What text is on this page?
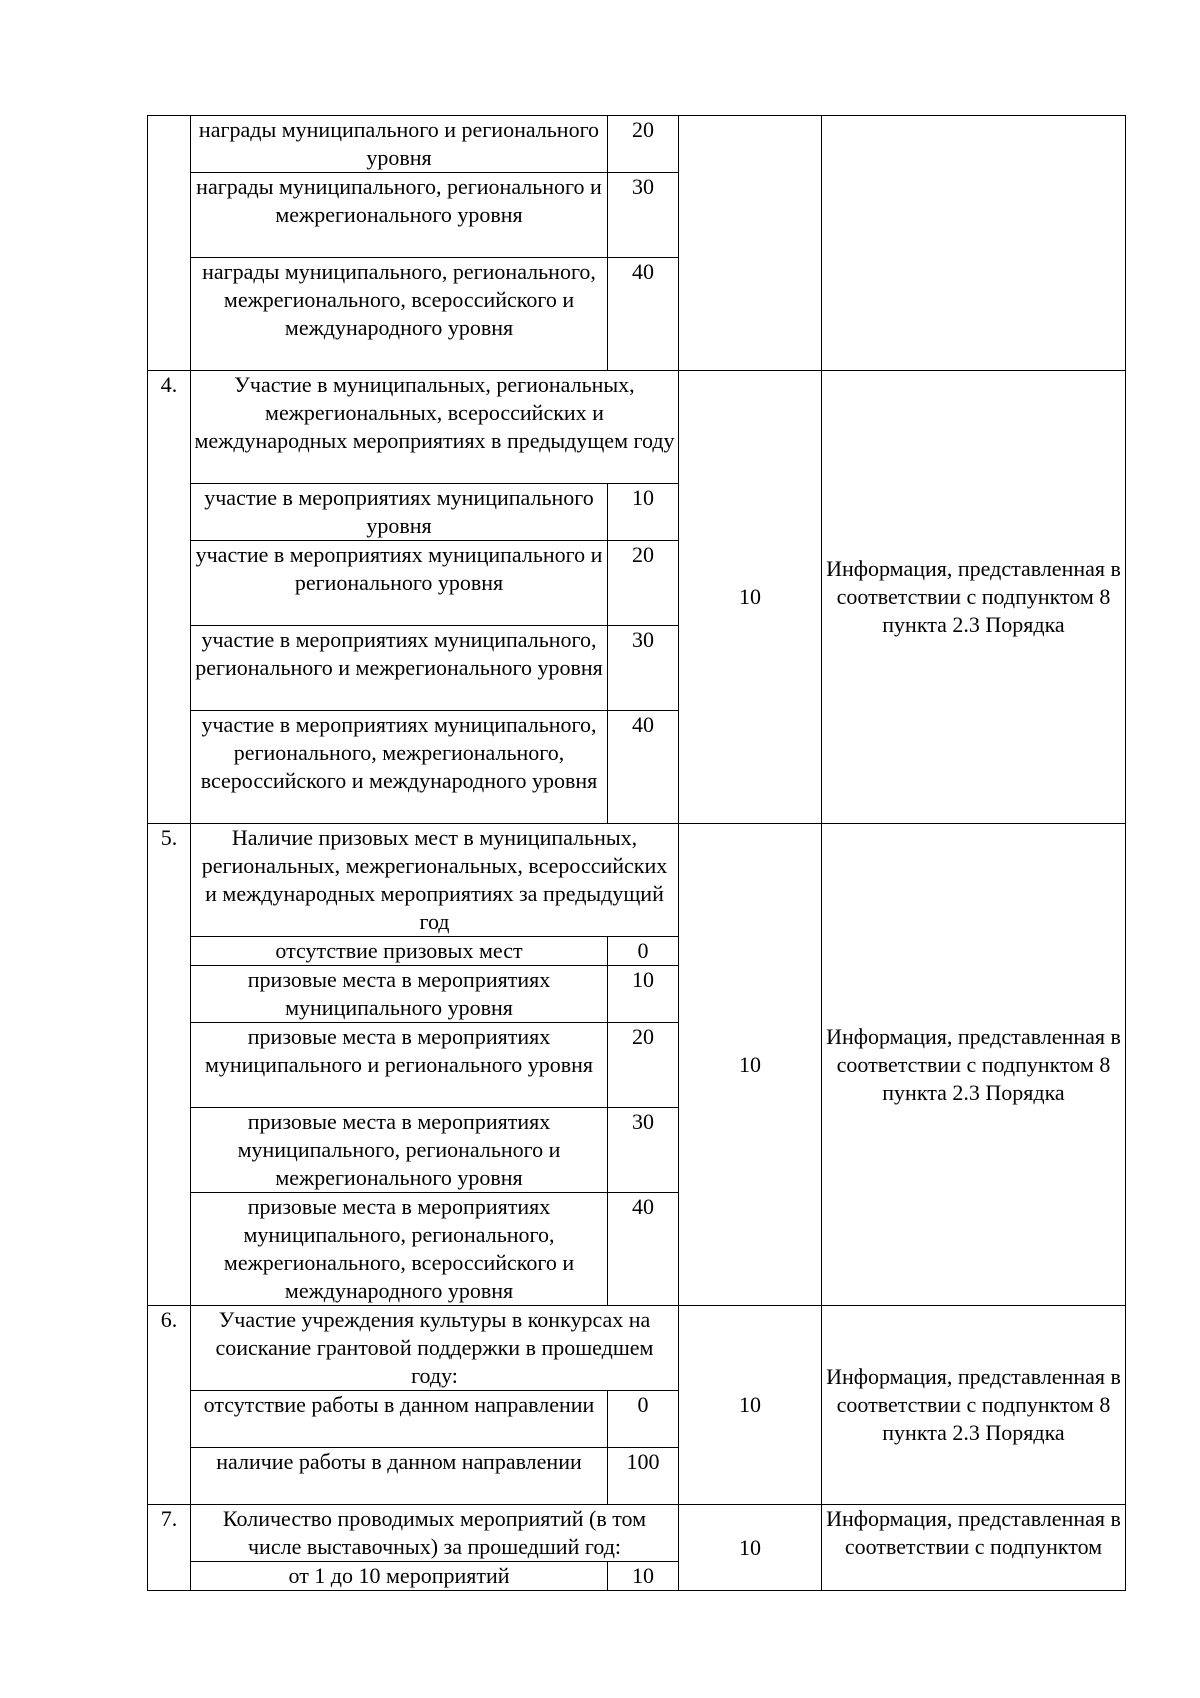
	награды муниципального и регионального уровня	20		
	награды муниципального, регионального и межрегионального уровня	30		
	награды муниципального, регионального, межрегионального, всероссийского и международного уровня	40		
4.	Участие в муниципальных, региональных, межрегиональных, всероссийских и международных мероприятиях в предыдущем году		10	Информация, представленная в соответствии с подпунктом 8 пункта 2.3 Порядка
	участие в мероприятиях муниципального уровня	10		
	участие в мероприятиях муниципального и регионального уровня	20		
	участие в мероприятиях муниципального, регионального и межрегионального уровня	30		
	участие в мероприятиях муниципального, регионального, межрегионального, всероссийского и международного уровня	40		
5.	Наличие призовых мест в муниципальных, региональных, межрегиональных, всероссийских и международных мероприятиях за предыдущий год		10	Информация, представленная в соответствии с подпунктом 8 пункта 2.3 Порядка
	отсутствие призовых мест	0		
	призовые места в мероприятиях муниципального уровня	10		
	призовые места в мероприятиях муниципального и регионального уровня	20		
	призовые места в мероприятиях муниципального, регионального и межрегионального уровня	30		
	призовые места в мероприятиях муниципального, регионального, межрегионального, всероссийского и международного уровня	40		
6.	Участие учреждения культуры в конкурсах на соискание грантовой поддержки в прошедшем году:		10	Информация, представленная в соответствии с подпунктом 8 пункта 2.3 Порядка
	отсутствие работы в данном направлении	0		
	наличие работы в данном направлении	100		
7.	Количество проводимых мероприятий (в том числе выставочных) за прошедший год:		10	Информация, представленная в соответствии с подпунктом
	от 1 до 10 мероприятий	10		
